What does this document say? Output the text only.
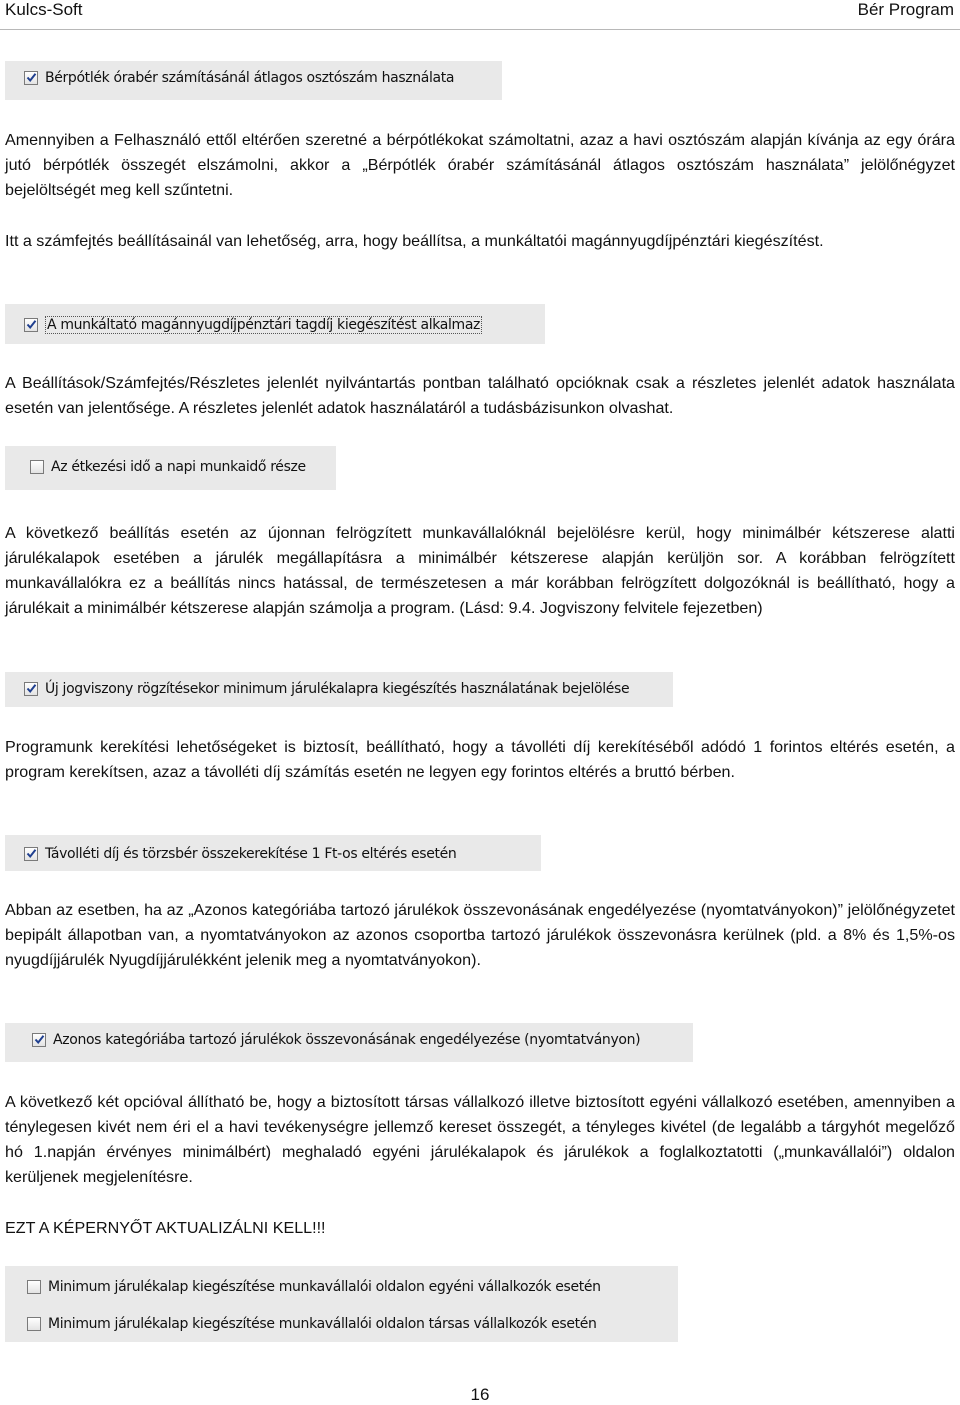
Kulcs-Soft	Bér Program
Bérpótlék órabér számításánál átlagos osztószám használata

Amennyiben a Felhasználó ettől eltérően szeretné a bérpótlékokat számoltatni, azaz a havi osztószám alapján kívánja az egy órára jutó bérpótlék összegét elszámolni, akkor a „Bérpótlék órabér számításánál átlagos osztószám használata” jelölőnégyzet bejelöltségét meg kell szűntetni.

Itt a számfejtés beállításainál van lehetőség, arra, hogy beállítsa, a munkáltatói magánnyugdíjpénztári kiegészítést.

A munkáltató magánnyugdíjpénztári tagdíj kiegészítést alkalmaz

A Beállítások/Számfejtés/Részletes jelenlét nyilvántartás pontban található opcióknak csak a részletes jelenlét adatok használata esetén van jelentősége. A részletes jelenlét adatok használatáról a tudásbázisunkon olvashat.

Az étkezési idő a napi munkaidő része

A következő beállítás esetén az újonnan felrögzített munkavállalóknál bejelölésre kerül, hogy minimálbér kétszerese alatti járulékalapok esetében a járulék megállapításra a minimálbér kétszerese alapján kerüljön sor. A korábban felrögzített munkavállalókra ez a beállítás nincs hatással, de természetesen a már korábban felrögzített dolgozóknál is beállítható, hogy a járulékait a minimálbér kétszerese alapján számolja a program. (Lásd: 9.4. Jogviszony felvitele fejezetben)

Új jogviszony rögzítésekor minimum járulékalapra kiegészítés használatának bejelölése

Programunk kerekítési lehetőségeket is biztosít, beállítható, hogy a távolléti díj kerekítéséből adódó 1 forintos eltérés esetén, a program kerekítsen, azaz a távolléti díj számítás esetén ne legyen egy forintos eltérés a bruttó bérben.

Távolléti díj és törzsbér összekerekítése 1 Ft-os eltérés esetén

Abban az esetben, ha az „Azonos kategóriába tartozó járulékok összevonásának engedélyezése (nyomtatványokon)” jelölőnégyzetet bepipált állapotban van, a nyomtatványokon az azonos csoportba tartozó járulékok összevonásra kerülnek (pld. a 8% és 1,5%-os nyugdíjjárulék Nyugdíjjárulékként jelenik meg a nyomtatványokon).

Azonos kategóriába tartozó járulékok összevonásának engedélyezése (nyomtatványon)

A következő két opcióval állítható be, hogy a biztosított társas vállalkozó illetve biztosított egyéni vállalkozó esetében, amennyiben a ténylegesen kivét nem éri el a havi tevékenységre jellemző kereset összegét, a tényleges kivétel (de legalább a tárgyhót megelőző hó 1.napján érvényes minimálbért) meghaladó egyéni járulékalapok és járulékok a foglalkoztatotti („munkavállalói”) oldalon kerüljenek megjelenítésre.

EZT A KÉPERNYŐT AKTUALIZÁLNI KELL!!!

Minimum járulékalap kiegészítése munkavállalói oldalon egyéni vállalkozók esetén
Minimum járulékalap kiegészítése munkavállalói oldalon társas vállalkozók esetén
16
